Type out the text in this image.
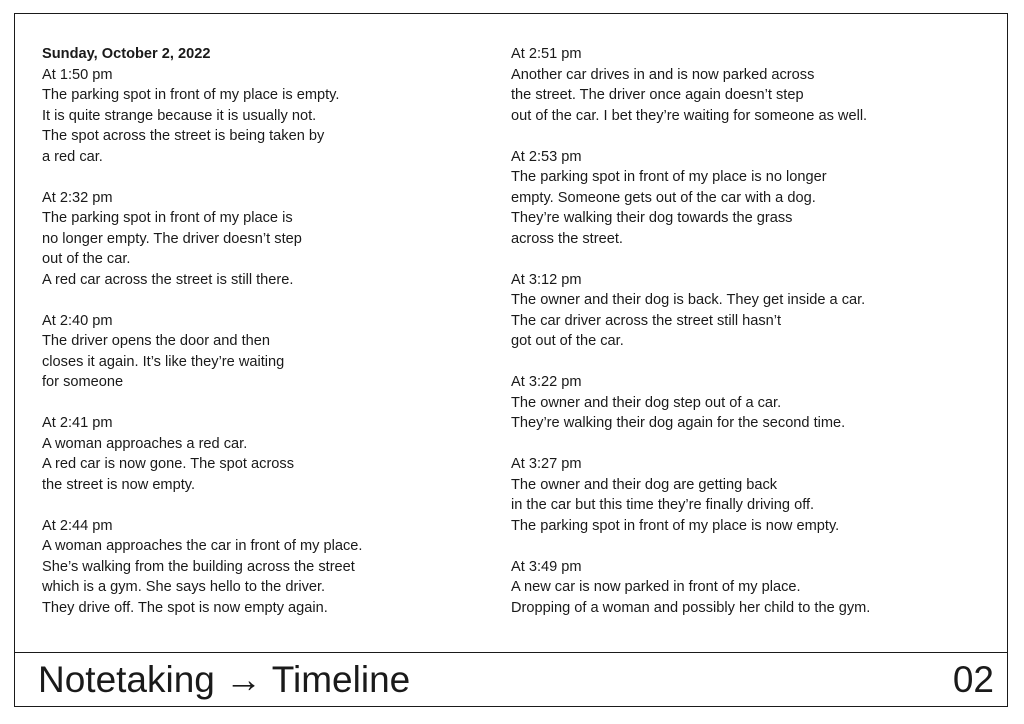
Sunday, October 2, 2022

At 1:50 pm

The parking spot in front of my place is empty.

It is quite strange because it is usually not.

The spot across the street is being taken by

a red car.

At 2:32 pm

The parking spot in front of my place is

no longer empty. The driver doesn’t step

out of the car.

A red car across the street is still there.

At 2:40 pm

The driver opens the door and then

closes it again. It’s like they’re waiting

for someone

At 2:41 pm

A woman approaches a red car.

A red car is now gone. The spot across

the street is now empty.

At 2:44 pm

A woman approaches the car in front of my place.

She’s walking from the building across the street

which is a gym. She says hello to the driver.

They drive off. The spot is now empty again.

At 2:51 pm

Another car drives in and is now parked across

the street. The driver once again doesn’t step

out of the car. I bet they’re waiting for someone as well.

At 2:53 pm

The parking spot in front of my place is no longer

empty. Someone gets out of the car with a dog.

They’re walking their dog towards the grass

across the street.

At 3:12 pm

The owner and their dog is back. They get inside a car.

The car driver across the street still hasn’t

got out of the car.

At 3:22 pm

The owner and their dog step out of a car.

They’re walking their dog again for the second time.

At 3:27 pm

The owner and their dog are getting back

in the car but this time they’re finally driving off.

The parking spot in front of my place is now empty.

At 3:49 pm

A new car is now parked in front of my place.

Dropping of a woman and possibly her child to the gym.

Notetaking → Timeline	02
